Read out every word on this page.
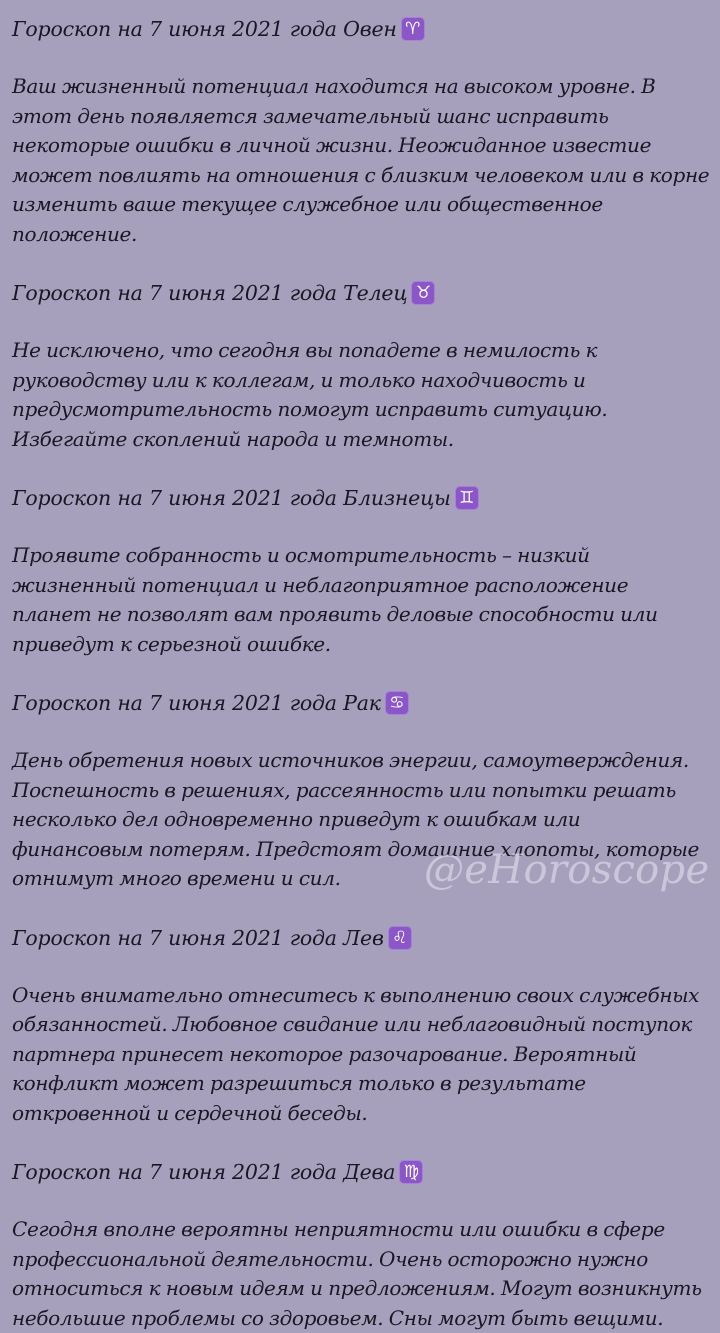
Гороскоп на 7 июня 2021 года Овен ♈
Ваш жизненный потенциал находится на высоком уровне. В этот день появляется замечательный шанс исправить некоторые ошибки в личной жизни. Неожиданное известие может повлиять на отношения с близким человеком или в корне изменить ваше текущее служебное или общественное положение.
Гороскоп на 7 июня 2021 года Телец ♉
Не исключено, что сегодня вы попадете в немилость к руководству или к коллегам, и только находчивость и предусмотрительность помогут исправить ситуацию. Избегайте скоплений народа и темноты.
Гороскоп на 7 июня 2021 года Близнецы ♊
Проявите собранность и осмотрительность – низкий жизненный потенциал и неблагоприятное расположение планет не позволят вам проявить деловые способности или приведут к серьезной ошибке.
Гороскоп на 7 июня 2021 года Рак ♋
День обретения новых источников энергии, самоутверждения. Поспешность в решениях, рассеянность или попытки решать несколько дел одновременно приведут к ошибкам или финансовым потерям. Предстоят домашние хлопоты, которые отнимут много времени и сил.
Гороскоп на 7 июня 2021 года Лев ♌
Очень внимательно отнеситесь к выполнению своих служебных обязанностей. Любовное свидание или неблаговидный поступок партнера принесет некоторое разочарование. Вероятный конфликт может разрешиться только в результате откровенной и сердечной беседы.
Гороскоп на 7 июня 2021 года Дева ♍
Сегодня вполне вероятны неприятности или ошибки в сфере профессиональной деятельности. Очень осторожно нужно относиться к новым идеям и предложениям. Могут возникнуть небольшие проблемы со здоровьем. Сны могут быть вещими.
@eHoroscope
